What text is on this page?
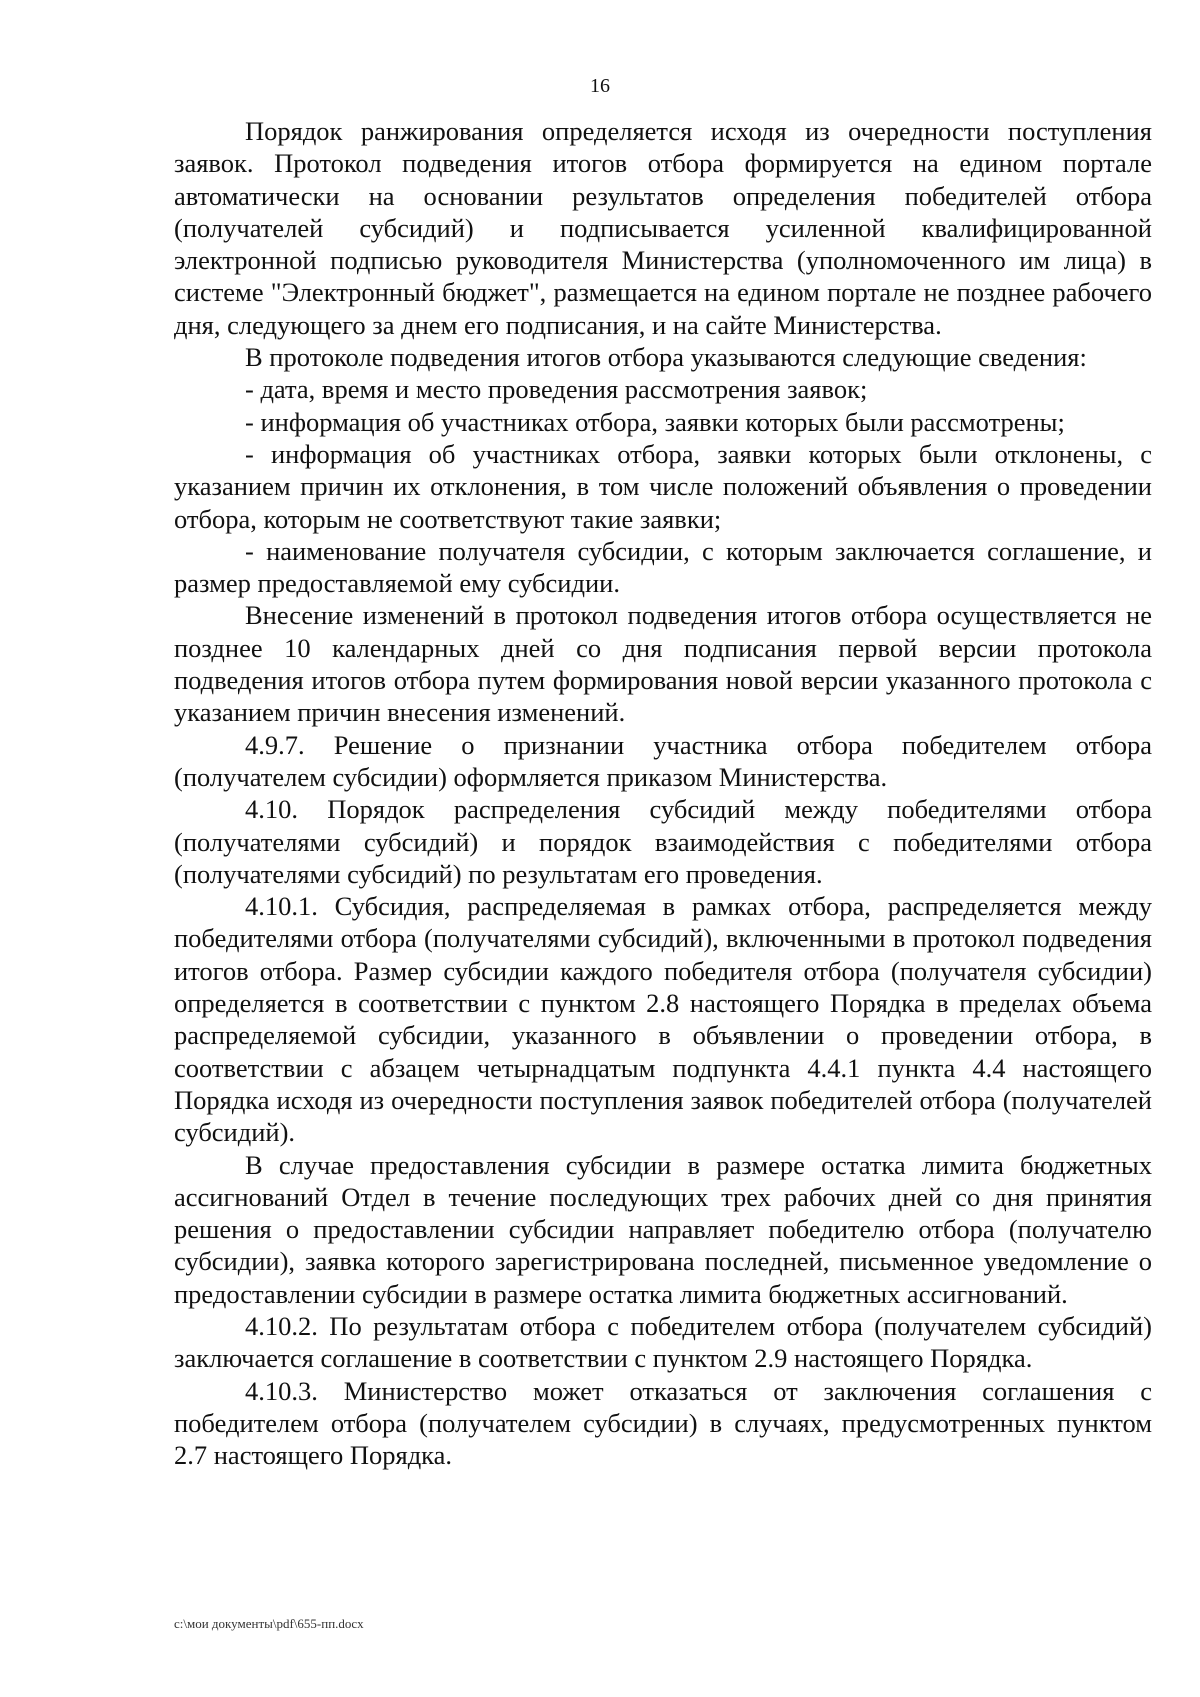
16

Порядок ранжирования определяется исходя из очередности поступления заявок. Протокол подведения итогов отбора формируется на едином портале автоматически на основании результатов определения победителей отбора (получателей субсидий) и подписывается усиленной квалифицированной электронной подписью руководителя Министерства (уполномоченного им лица) в системе "Электронный бюджет", размещается на едином портале не позднее рабочего дня, следующего за днем его подписания, и на сайте Министерства.

В протоколе подведения итогов отбора указываются следующие сведения:

- дата, время и место проведения рассмотрения заявок;

- информация об участниках отбора, заявки которых были рассмотрены;

- информация об участниках отбора, заявки которых были отклонены, с указанием причин их отклонения, в том числе положений объявления о проведении отбора, которым не соответствуют такие заявки;

- наименование получателя субсидии, с которым заключается соглашение, и размер предоставляемой ему субсидии.

Внесение изменений в протокол подведения итогов отбора осуществляется не позднее 10 календарных дней со дня подписания первой версии протокола подведения итогов отбора путем формирования новой версии указанного протокола с указанием причин внесения изменений.

4.9.7. Решение о признании участника отбора победителем отбора (получателем субсидии) оформляется приказом Министерства.

4.10. Порядок распределения субсидий между победителями отбора (получателями субсидий) и порядок взаимодействия с победителями отбора (получателями субсидий) по результатам его проведения.

4.10.1. Субсидия, распределяемая в рамках отбора, распределяется между победителями отбора (получателями субсидий), включенными в протокол подведения итогов отбора. Размер субсидии каждого победителя отбора (получателя субсидии) определяется в соответствии с пунктом 2.8 настоящего Порядка в пределах объема распределяемой субсидии, указанного в объявлении о проведении отбора, в соответствии с абзацем четырнадцатым подпункта 4.4.1 пункта 4.4 настоящего Порядка исходя из очередности поступления заявок победителей отбора (получателей субсидий).

В случае предоставления субсидии в размере остатка лимита бюджетных ассигнований Отдел в течение последующих трех рабочих дней со дня принятия решения о предоставлении субсидии направляет победителю отбора (получателю субсидии), заявка которого зарегистрирована последней, письменное уведомление о предоставлении субсидии в размере остатка лимита бюджетных ассигнований.

4.10.2. По результатам отбора с победителем отбора (получателем субсидий) заключается соглашение в соответствии с пунктом 2.9 настоящего Порядка.

4.10.3. Министерство может отказаться от заключения соглашения с победителем отбора (получателем субсидии) в случаях, предусмотренных пунктом 2.7 настоящего Порядка.

c:\мои документы\pdf\655-пп.docx
